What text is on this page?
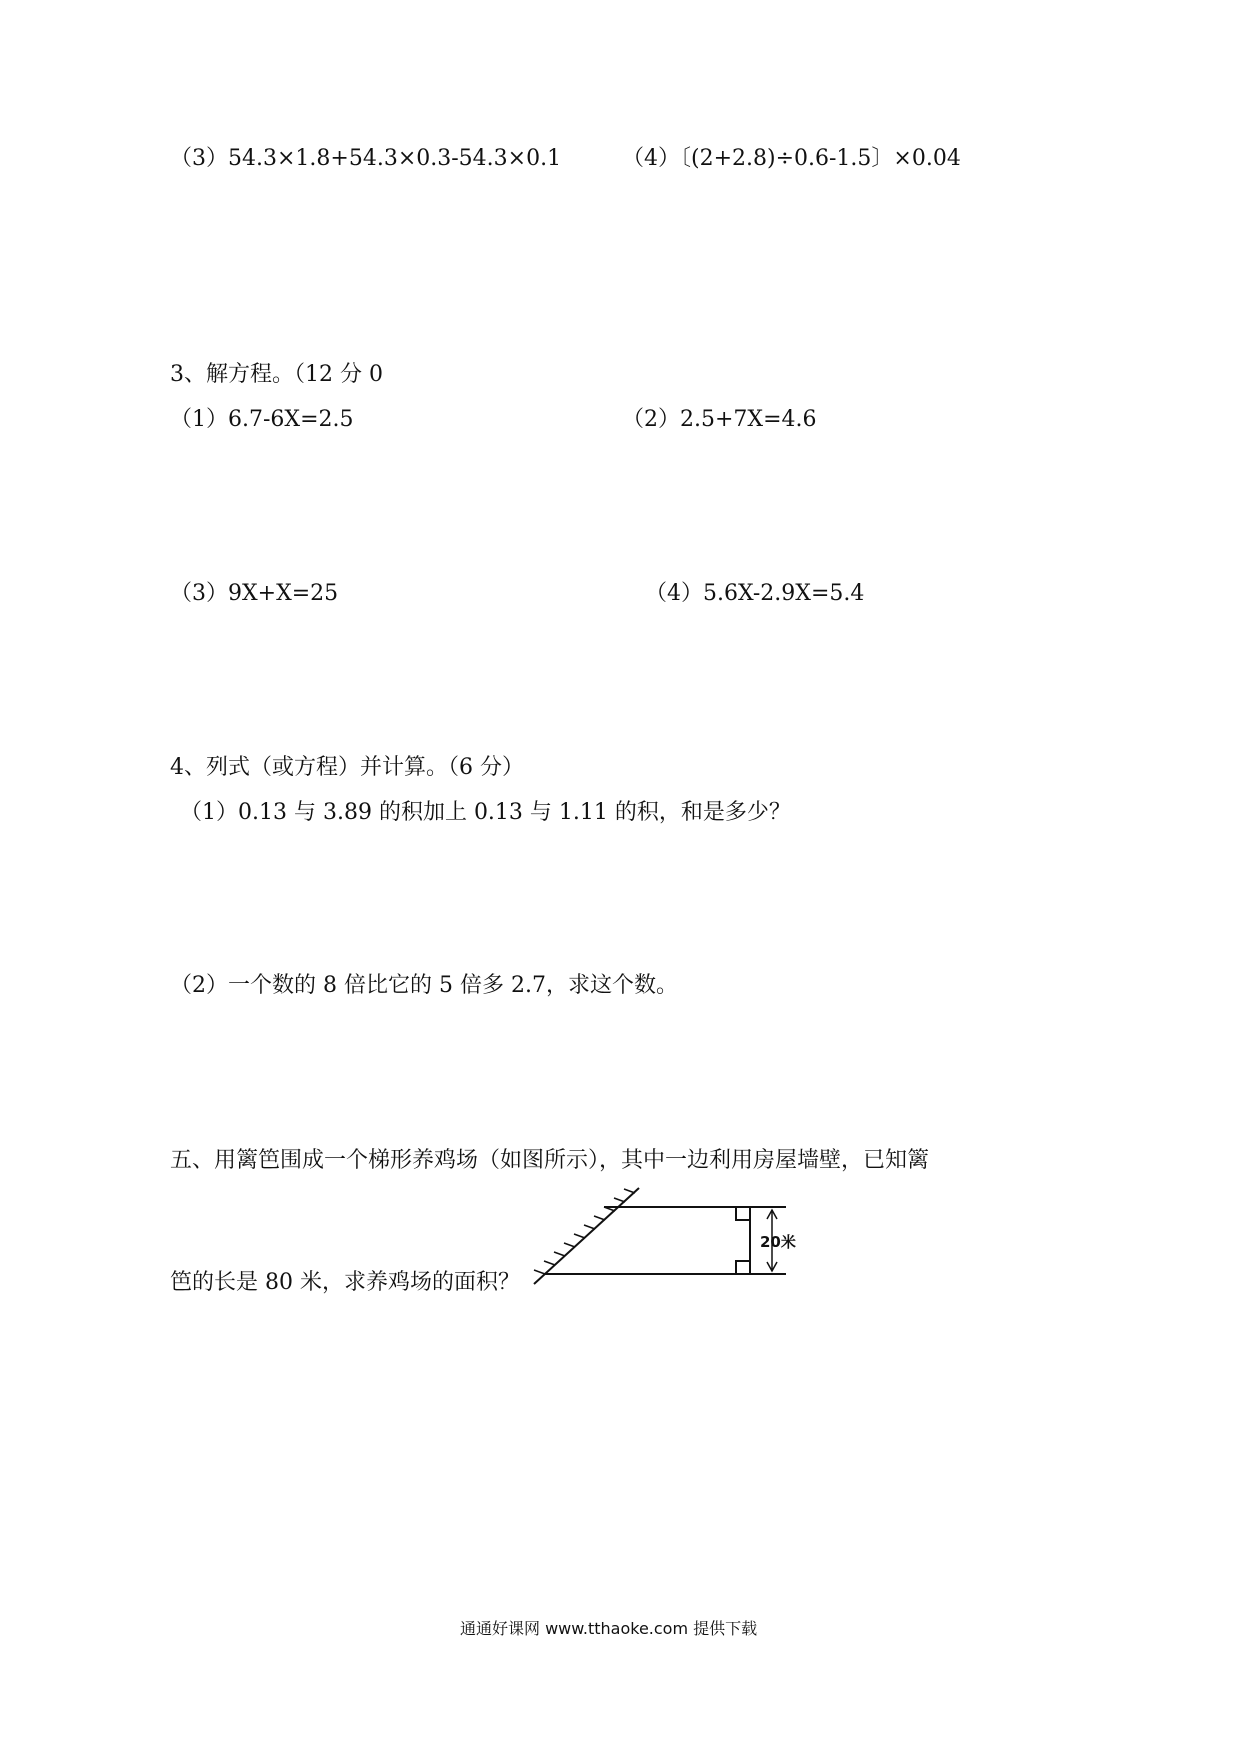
（3）54.3×1.8+54.3×0.3-54.3×0.1	（4）〔(2+2.8)÷0.6-1.5〕×0.04
3、解方程。（12 分 0
（1）6.7-6X=2.5	（2）2.5+7X=4.6
（3）9X+X=25	（4）5.6X-2.9X=5.4
4、列式（或方程）并计算。（6 分）
（1）0.13 与 3.89 的积加上 0.13 与 1.11 的积，和是多少？
（2）一个数的 8 倍比它的 5 倍多 2.7，求这个数。
五、用篱笆围成一个梯形养鸡场（如图所示），其中一边利用房屋墙壁，已知篱
笆的长是 80 米，求养鸡场的面积？
20米
通通好课网 www.tthaoke.com 提供下载
